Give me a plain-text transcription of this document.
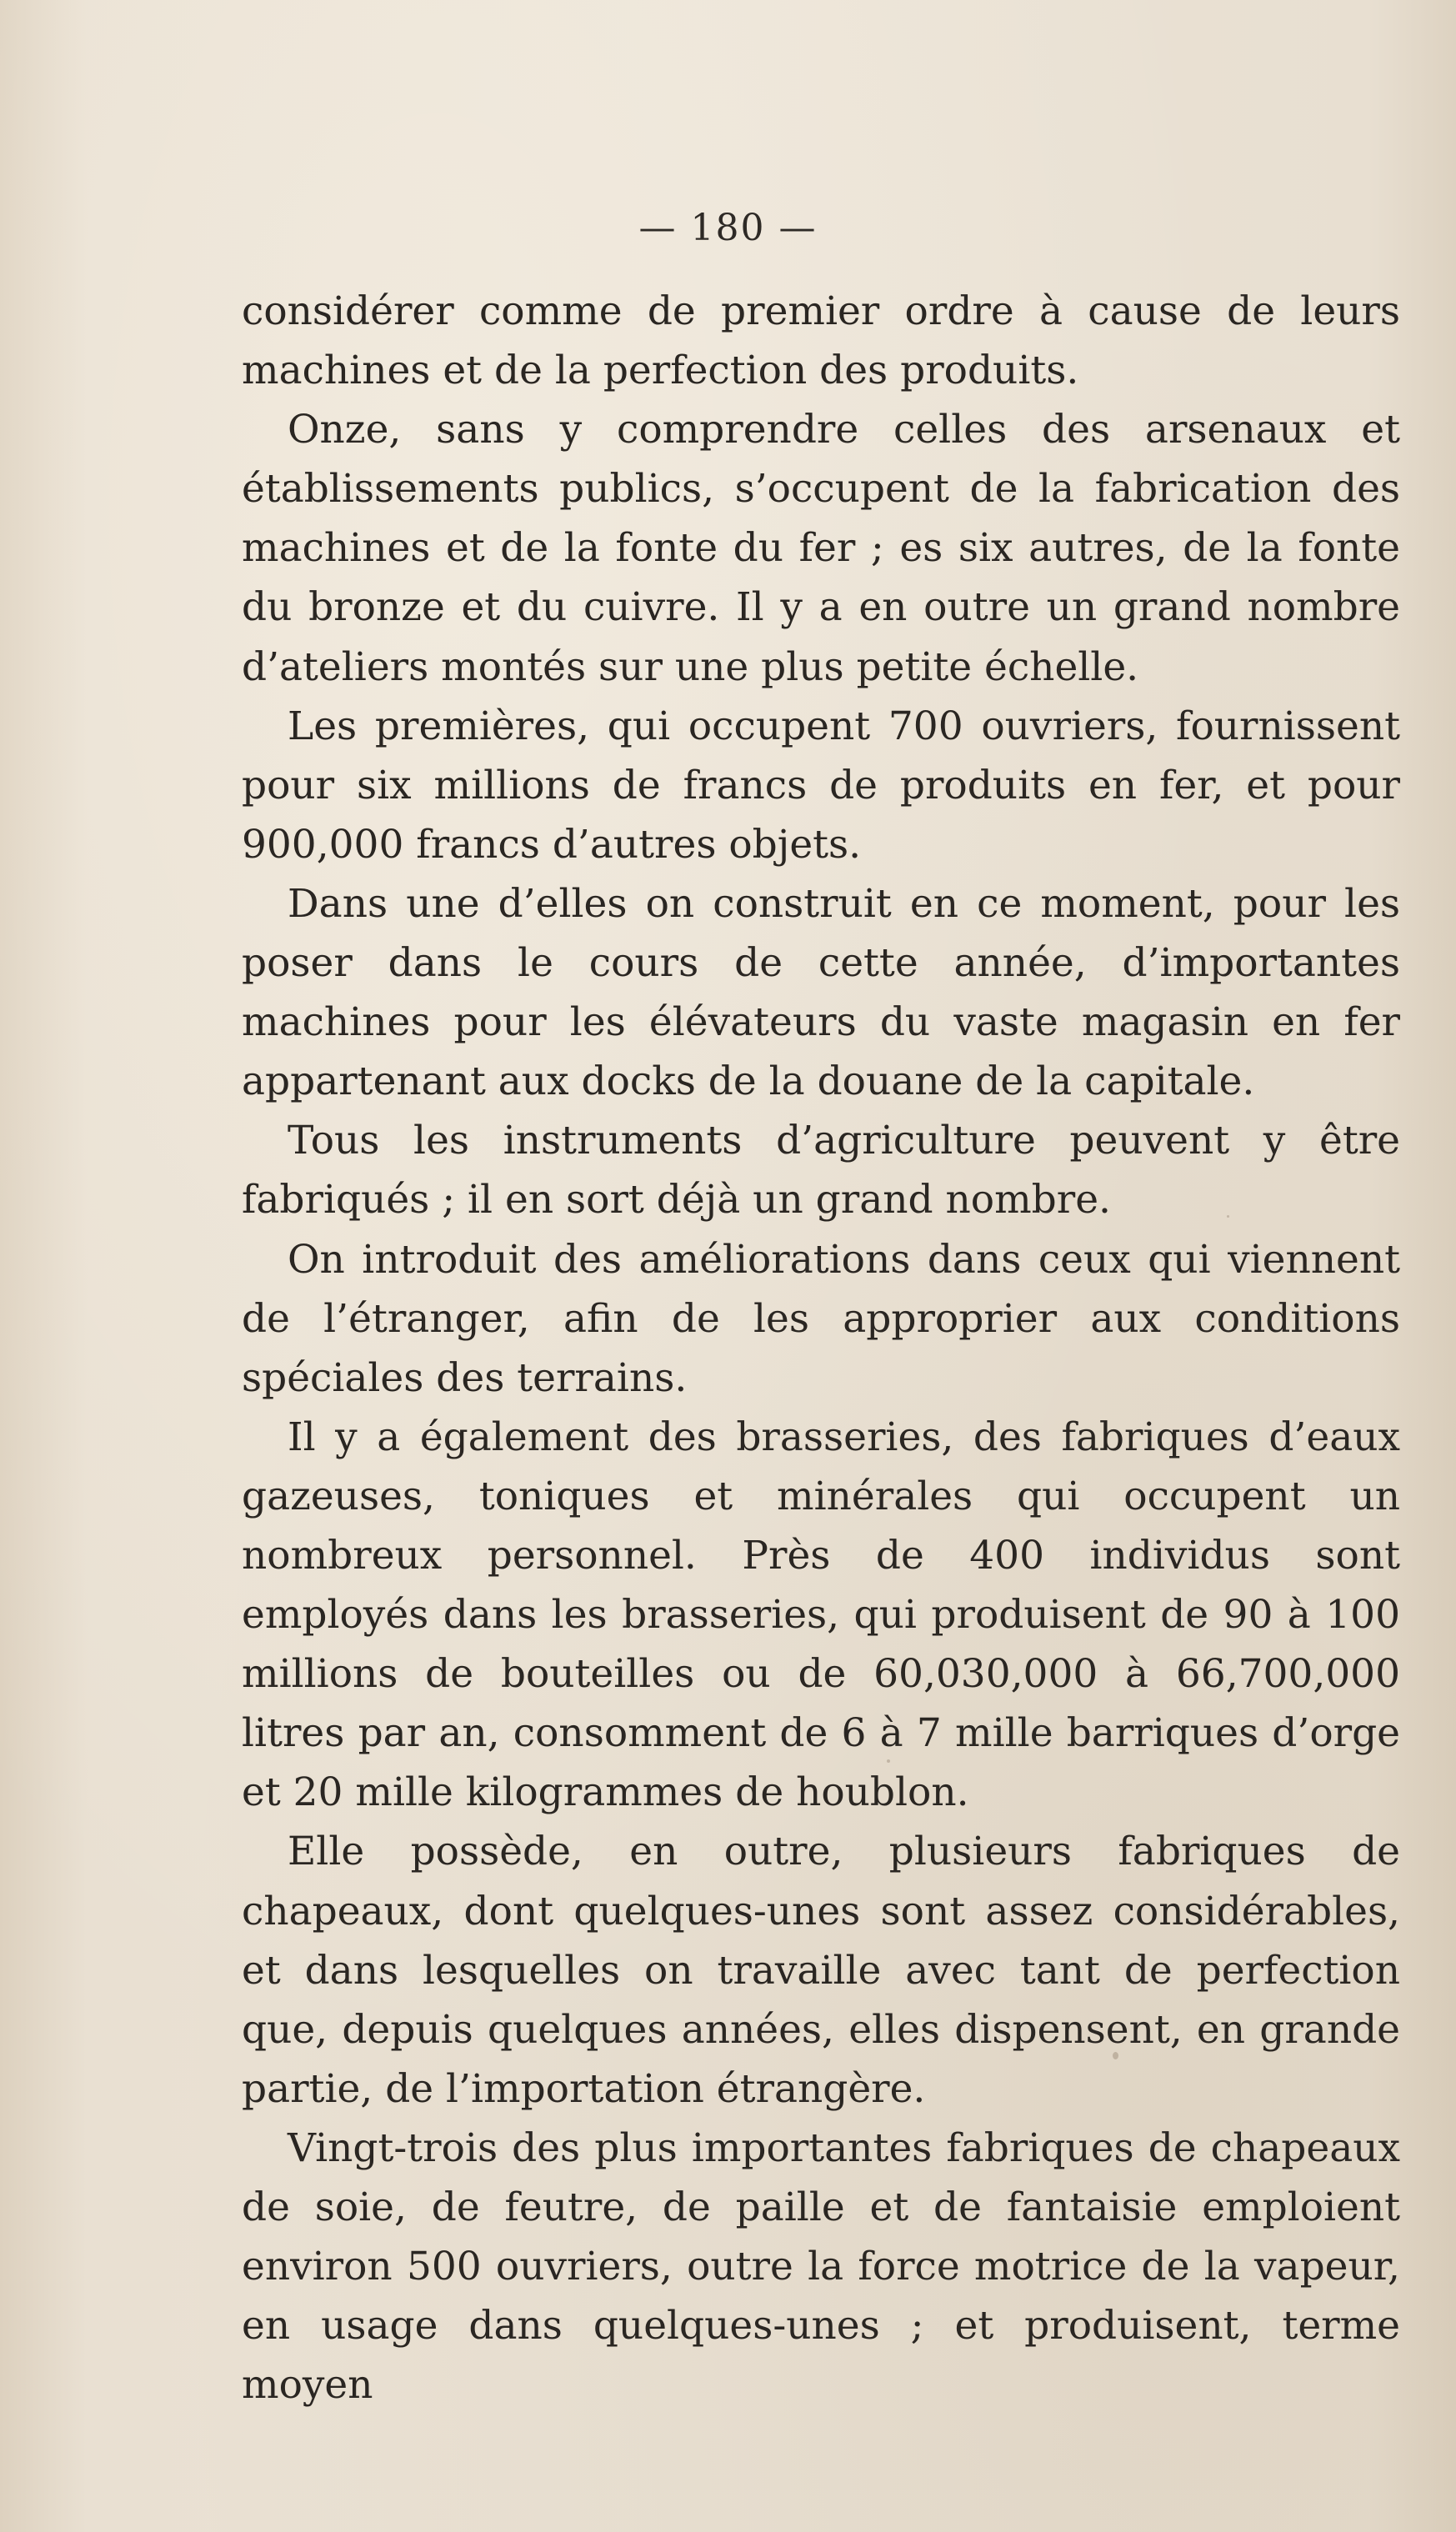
— 180 —

considérer comme de premier ordre à cause de leurs machines et de la perfection des produits.

Onze, sans y comprendre celles des arsenaux et établissements publics, s’occupent de la fabrication des machines et de la fonte du fer ; es six autres, de la fonte du bronze et du cuivre. Il y a en outre un grand nombre d’ateliers montés sur une plus petite échelle.

Les premières, qui occupent 700 ouvriers, fournissent pour six millions de francs de produits en fer, et pour 900,000 francs d’autres objets.

Dans une d’elles on construit en ce moment, pour les poser dans le cours de cette année, d’importantes machines pour les élévateurs du vaste magasin en fer appartenant aux docks de la douane de la capitale.

Tous les instruments d’agriculture peuvent y être fabriqués ; il en sort déjà un grand nombre.

On introduit des améliorations dans ceux qui viennent de l’étranger, afin de les approprier aux conditions spéciales des terrains.

Il y a également des brasseries, des fabriques d’eaux gazeuses, toniques et minérales qui occupent un nombreux personnel. Près de 400 individus sont employés dans les brasseries, qui produisent de 90 à 100 millions de bouteilles ou de 60,030,000 à 66,700,000 litres par an, consomment de 6 à 7 mille barriques d’orge et 20 mille kilogrammes de houblon.

Elle possède, en outre, plusieurs fabriques de chapeaux, dont quelques-unes sont assez considérables, et dans lesquelles on travaille avec tant de perfection que, depuis quelques années, elles dispensent, en grande partie, de l’importation étrangère.

Vingt-trois des plus importantes fabriques de chapeaux de soie, de feutre, de paille et de fantaisie emploient environ 500 ouvriers, outre la force motrice de la vapeur, en usage dans quelques-unes ; et produisent, terme moyen
